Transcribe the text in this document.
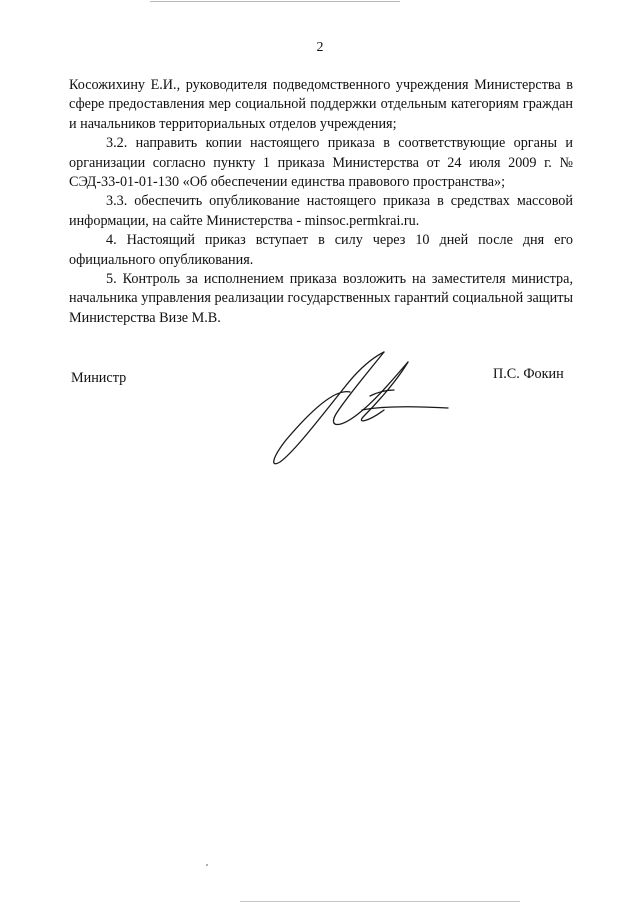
2

Косожихину Е.И., руководителя подведомственного учреждения Министерства в сфере предоставления мер социальной поддержки отдельным категориям граждан и начальников территориальных отделов учреждения;

3.2. направить копии настоящего приказа в соответствующие органы и организации согласно пункту 1 приказа Министерства от 24 июля 2009 г. № СЭД-33-01-01-130 «Об обеспечении единства правового пространства»;

3.3. обеспечить опубликование настоящего приказа в средствах массовой информации, на сайте Министерства - minsoc.permkrai.ru.

4. Настоящий приказ вступает в силу через 10 дней после дня его официального опубликования.

5. Контроль за исполнением приказа возложить на заместителя министра, начальника управления реализации государственных гарантий социальной защиты Министерства Визе М.В.

Министр	П.С. Фокин
